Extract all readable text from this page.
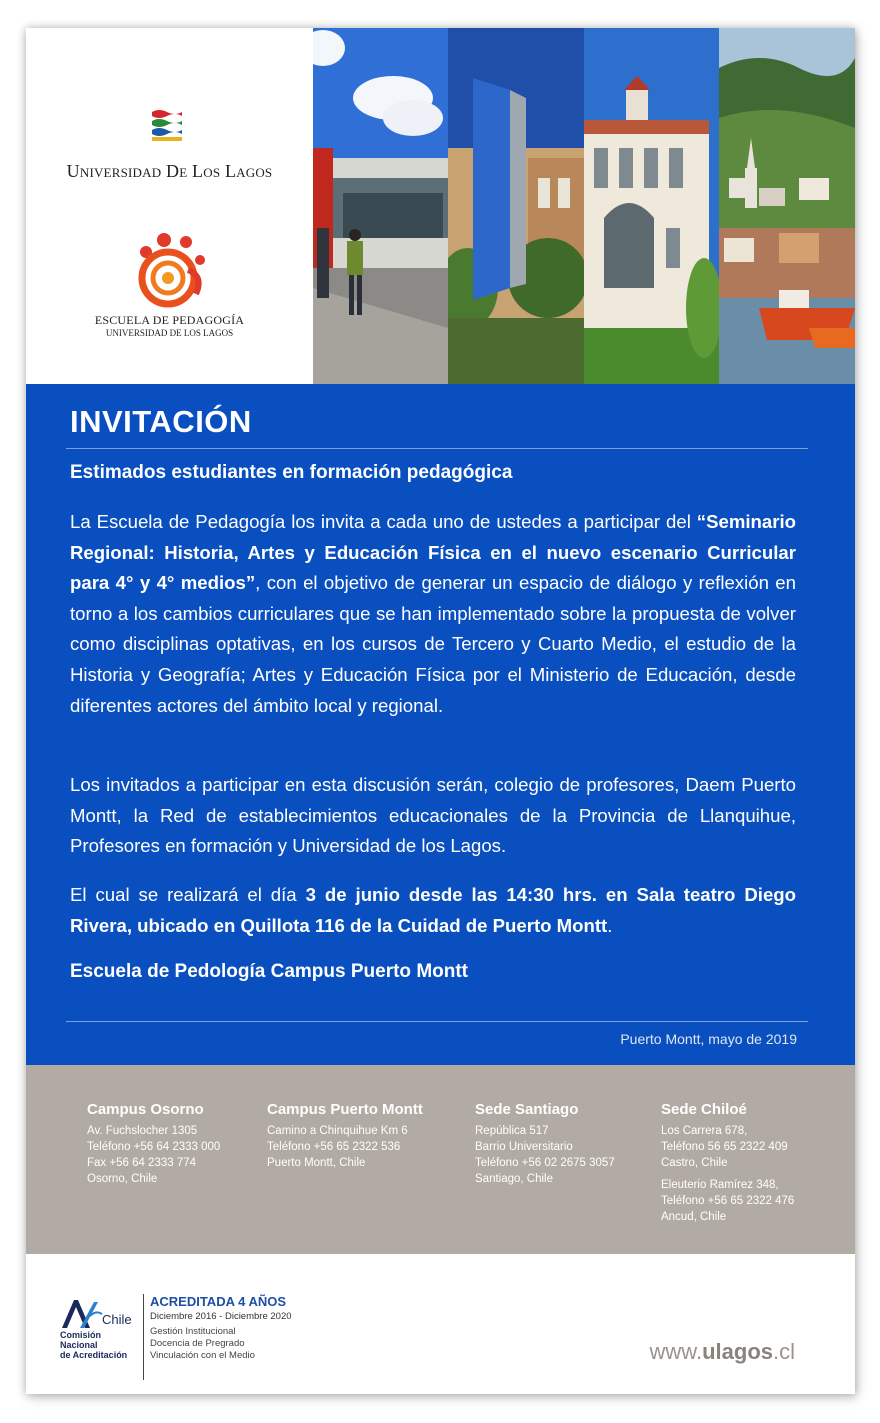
Universidad De Los Lagos
ESCUELA DE PEDAGOGÍA
UNIVERSIDAD DE LOS LAGOS
INVITACIÓN
Estimados estudiantes en formación pedagógica
La Escuela de Pedagogía los invita a cada uno de ustedes a participar del “Seminario Regional: Historia, Artes y Educación Física en el nuevo escenario Curricular para 4° y 4° medios”, con el objetivo de generar un espacio de diálogo y reflexión en torno a los cambios curriculares que se han implementado sobre la propuesta de volver como disciplinas optativas, en los cursos de Tercero y Cuarto Medio, el estudio de la Historia y Geografía; Artes y Educación Física por el Ministerio de Educación, desde diferentes actores del ámbito local y regional.
Los invitados a participar en esta discusión serán, colegio de profesores, Daem Puerto Montt, la Red de establecimientos educacionales de la Provincia de Llanquihue, Profesores en formación y Universidad de los Lagos.
El cual se realizará el día 3 de junio desde las 14:30 hrs. en Sala teatro Diego Rivera, ubicado en Quillota 116 de la Cuidad de Puerto Montt.
Escuela de Pedología Campus Puerto Montt
Puerto Montt, mayo de 2019
Campus Osorno
Av. Fuchslocher 1305
Teléfono +56 64 2333 000
Fax +56 64 2333 774
Osorno, Chile
Campus Puerto Montt
Camino a Chinquihue Km 6
Teléfono +56 65 2322 536
Puerto Montt, Chile
Sede Santiago
República 517
Barrio Universitario
Teléfono +56 02 2675 3057
Santiago, Chile
Sede Chiloé
Los Carrera 678,
Teléfono 56 65 2322 409
Castro, Chile
Eleuterio Ramírez 348,
Teléfono +56 65 2322 476
Ancud, Chile
Chile
Comisión Nacional
de Acreditación
ACREDITADA 4 AÑOS
Diciembre 2016 - Diciembre 2020
Gestión Institucional
Docencia de Pregrado
Vinculación con el Medio	www.ulagos.cl
